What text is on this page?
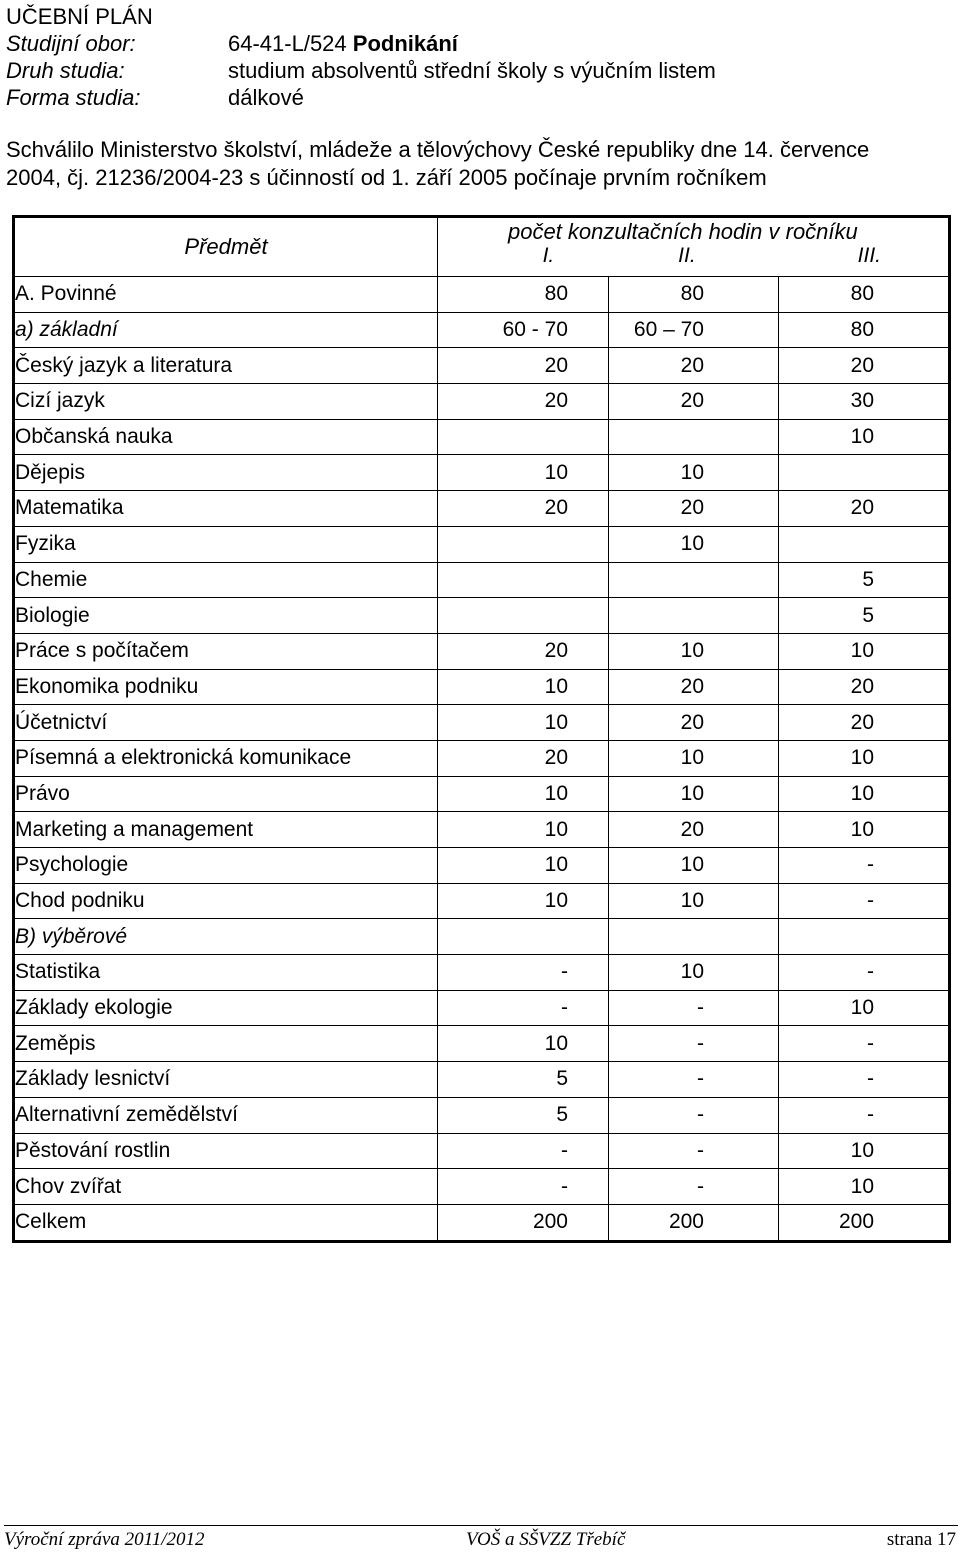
UČEBNÍ PLÁN
Studijní obor:	64-41-L/524 Podnikání
Druh studia:	studium absolventů střední školy s výučním listem
Forma studia:	dálkové
Schválilo Ministerstvo školství, mládeže a tělovýchovy České republiky dne 14. července
2004, čj. 21236/2004-23 s účinností od 1. září 2005 počínaje prvním ročníkem
Předmět	počet konzultačních hodin v ročníku
I. II. III.		

A. Povinné	80	80	80
a) základní	60 - 70	60 – 70	80
Český jazyk a literatura	20	20	20
Cizí jazyk	20	20	30
Občanská nauka			10
Dějepis	10	10	
Matematika	20	20	20
Fyzika		10	
Chemie			5
Biologie			5
Práce s počítačem	20	10	10
Ekonomika podniku	10	20	20
Účetnictví	10	20	20
Písemná a elektronická komunikace	20	10	10
Právo	10	10	10
Marketing a management	10	20	10
Psychologie	10	10	-
Chod podniku	10	10	-
B) výběrové			
Statistika	-	10	-
Základy ekologie	-	-	10
Zeměpis	10	-	-
Základy lesnictví	5	-	-
Alternativní zemědělství	5	-	-
Pěstování rostlin	-	-	10
Chov zvířat	-	-	10
Celkem	200	200	200
Výroční zpráva 2011/2012	VOŠ a SŠVZZ Třebíč	strana 17
